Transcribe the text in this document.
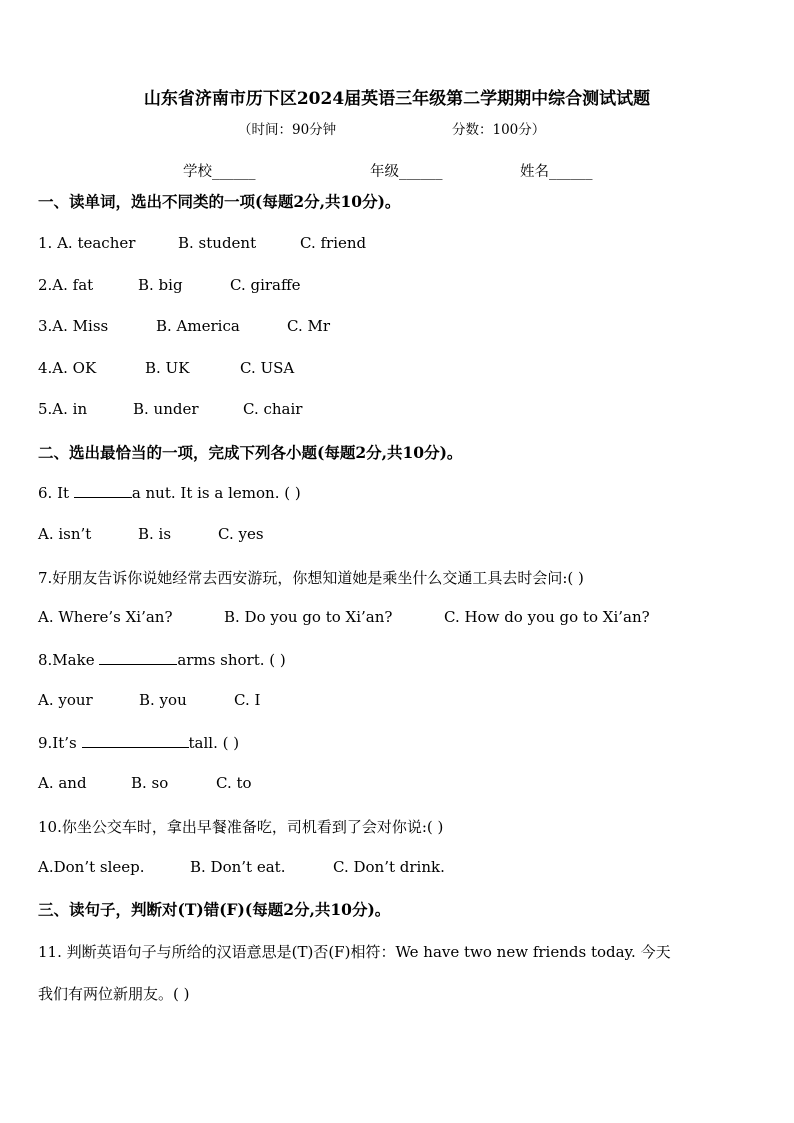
山东省济南市历下区2024届英语三年级第二学期期中综合测试试题
（时间：90分钟	分数：100分）
学校______	年级______	姓名______
一、读单词，选出不同类的一项(每题2分,共10分)。
1. A. teacher	B. student	C. friend
2.A. fat	B. big	C. giraffe
3.A. Miss	B. America	C. Mr
4.A. OK	B. UK	C. USA
5.A. in	B. under	C. chair
二、选出最恰当的一项，完成下列各小题(每题2分,共10分)。
6. It	a nut. It is a lemon. ( )
A. isn’t	B. is	C. yes
7.好朋友告诉你说她经常去西安游玩，你想知道她是乘坐什么交通工具去时会问:( )
A. Where’s Xi’an?	B. Do you go to Xi’an?	C. How do you go to Xi’an?
8.Make	arms short. ( )
A. your	B. you	C. I
9.It’s	tall. ( )
A. and	B. so	C. to
10.你坐公交车时，拿出早餐准备吃，司机看到了会对你说:( )
A.Don’t sleep.	B. Don’t eat.	C. Don’t drink.
三、读句子，判断对(T)错(F)(每题2分,共10分)。
11. 判断英语句子与所给的汉语意思是(T)否(F)相符：We have two new friends today. 今天
我们有两位新朋友。( )
